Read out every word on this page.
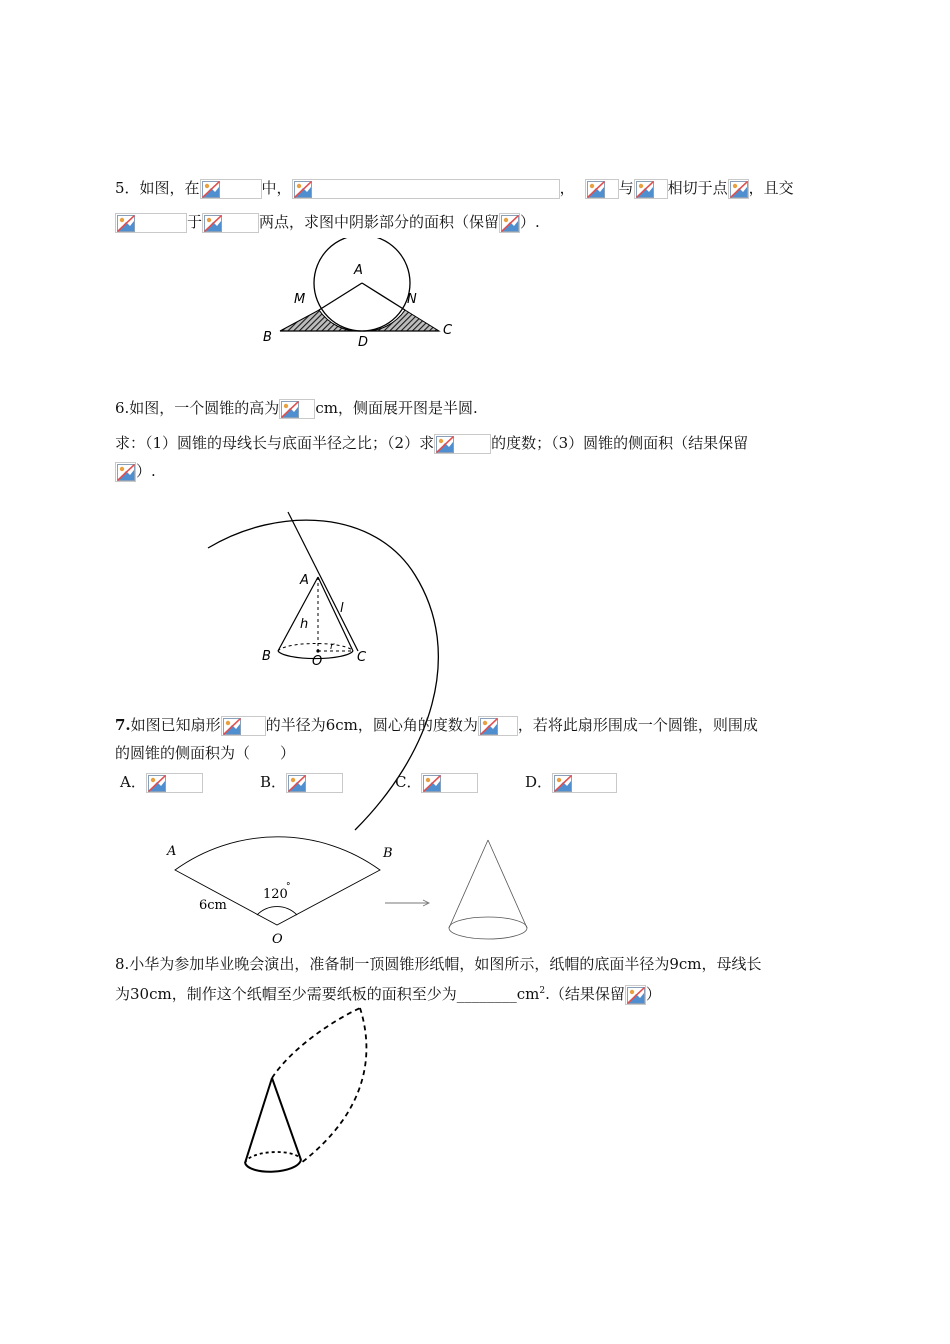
5．如图，在	中，	，	与 相切于点 ，且交
于	两点，求图中阴影部分的面积（保留 ）.
A
M	N
B	C
D
6.如图，一个圆锥的高为 cm，侧面展开图是半圆.
求：（1）圆锥的母线长与底面半径之比；（2）求	的度数；（3）圆锥的侧面积（结果保留
）.
A
l
h
B	O
r
C
7.如图已知扇形	的半径为6cm，圆心角的度数为	，若将此扇形围成一个圆锥，则围成
的圆锥的侧面积为（　　）
A．	B．	C．	D．
A	B
O
6cm
120
°
8.小华为参加毕业晚会演出，准备制一顶圆锥形纸帽，如图所示，纸帽的底面半径为9cm，母线长
为30cm，制作这个纸帽至少需要纸板的面积至少为$\_\_\_\_\_\_\_\_cm^2$.（结果保留 ）
